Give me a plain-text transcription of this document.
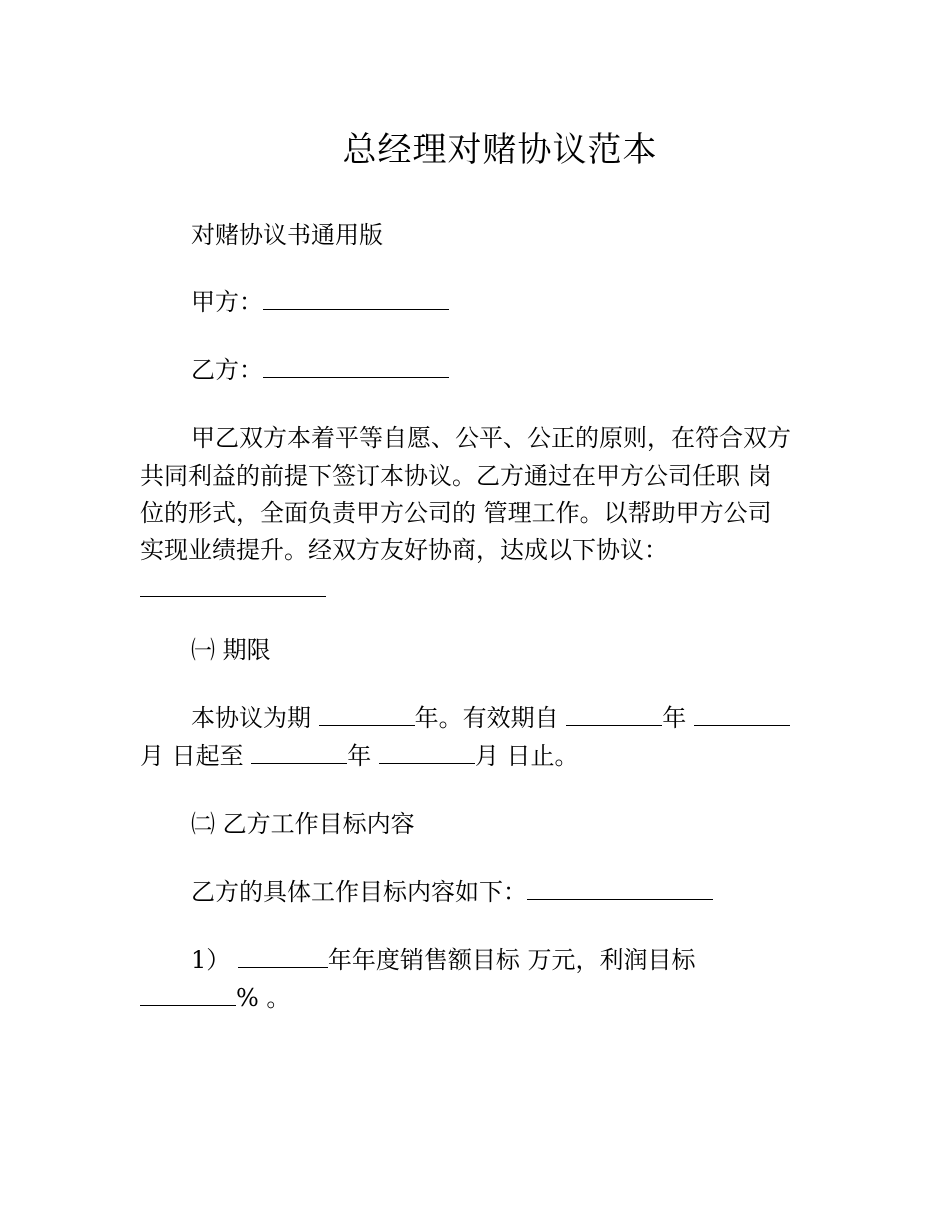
总经理对赌协议范本
对赌协议书通用版
甲方：
乙方：
甲乙双方本着平等自愿、公平、公正的原则，在符合双方
共同利益的前提下签订本协议。乙方通过在甲方公司任职 岗
位的形式，全面负责甲方公司的 管理工作。以帮助甲方公司
实现业绩提升。经双方友好协商，达成以下协议：
㈠ 期限
本协议为期	年。有效期自	年
月 日起至	年	月 日止。
㈡ 乙方工作目标内容
乙方的具体工作目标内容如下：
1）	年年度销售额目标 万元，利润目标
% 。
